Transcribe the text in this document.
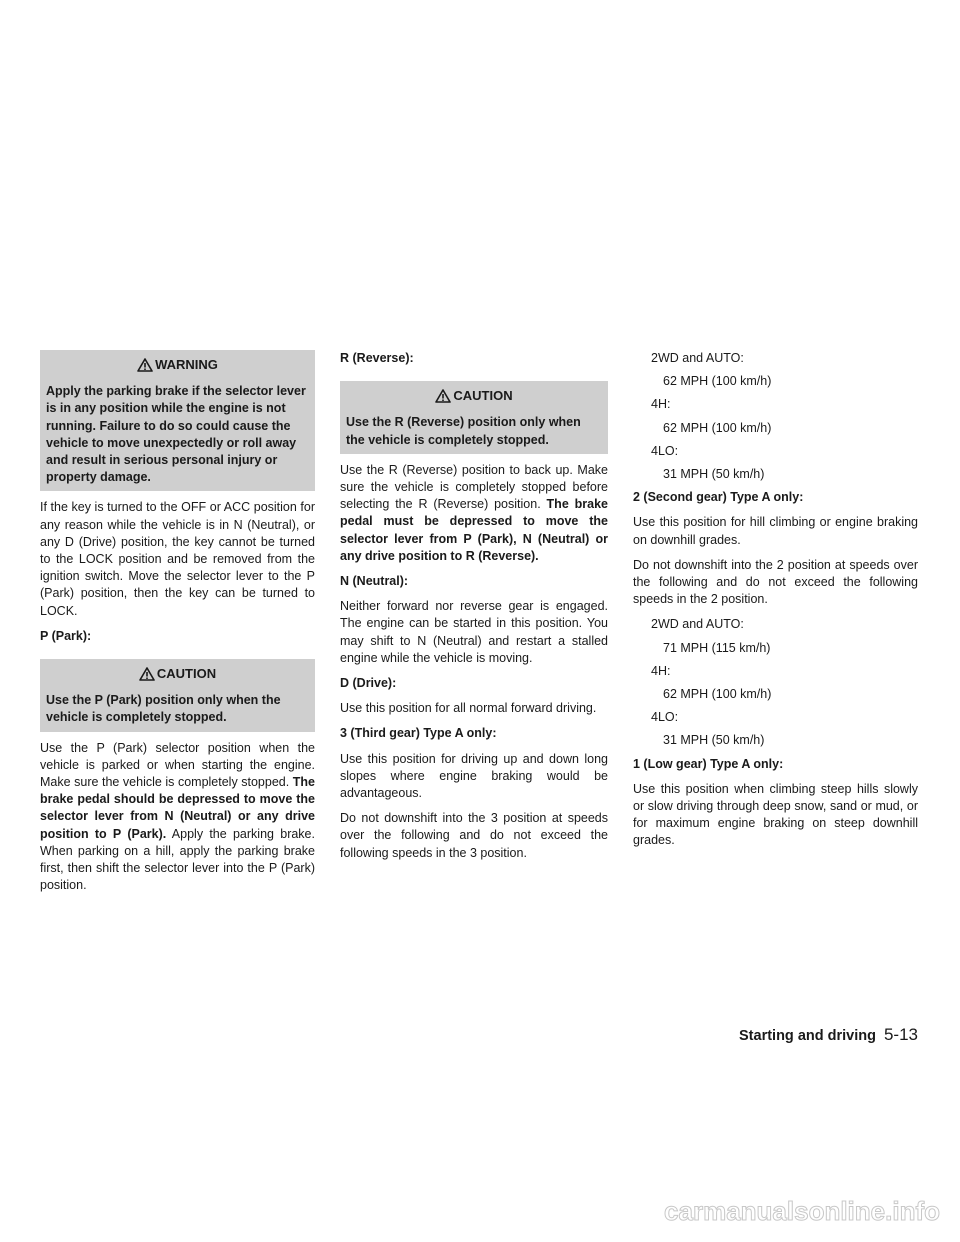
WARNING
Apply the parking brake if the selector lever is in any position while the engine is not running. Failure to do so could cause the vehicle to move unexpectedly or roll away and result in serious personal injury or property damage.

If the key is turned to the OFF or ACC position for any reason while the vehicle is in N (Neutral), or any D (Drive) position, the key cannot be turned to the LOCK position and be removed from the ignition switch. Move the selector lever to the P (Park) position, then the key can be turned to LOCK.

P (Park):
CAUTION
Use the P (Park) position only when the vehicle is completely stopped.

Use the P (Park) selector position when the vehicle is parked or when starting the engine. Make sure the vehicle is completely stopped. The brake pedal should be depressed to move the selector lever from N (Neutral) or any drive position to P (Park). Apply the parking brake. When parking on a hill, apply the parking brake first, then shift the selector lever into the P (Park) position.

R (Reverse):
CAUTION
Use the R (Reverse) position only when the vehicle is completely stopped.

Use the R (Reverse) position to back up. Make sure the vehicle is completely stopped before selecting the R (Reverse) position. The brake pedal must be depressed to move the selector lever from P (Park), N (Neutral) or any drive position to R (Reverse).

N (Neutral):

Neither forward nor reverse gear is engaged. The engine can be started in this position. You may shift to N (Neutral) and restart a stalled engine while the vehicle is moving.

D (Drive):

Use this position for all normal forward driving.

3 (Third gear) Type A only:

Use this position for driving up and down long slopes where engine braking would be advantageous.

Do not downshift into the 3 position at speeds over the following and do not exceed the following speeds in the 3 position.

2WD and AUTO:
62 MPH (100 km/h)
4H:
62 MPH (100 km/h)
4LO:
31 MPH (50 km/h)
2 (Second gear) Type A only:

Use this position for hill climbing or engine braking on downhill grades.

Do not downshift into the 2 position at speeds over the following and do not exceed the following speeds in the 2 position.

2WD and AUTO:
71 MPH (115 km/h)
4H:
62 MPH (100 km/h)
4LO:
31 MPH (50 km/h)
1 (Low gear) Type A only:

Use this position when climbing steep hills slowly or slow driving through deep snow, sand or mud, or for maximum engine braking on steep downhill grades.

Starting and driving 5-13
carmanualsonline.info
